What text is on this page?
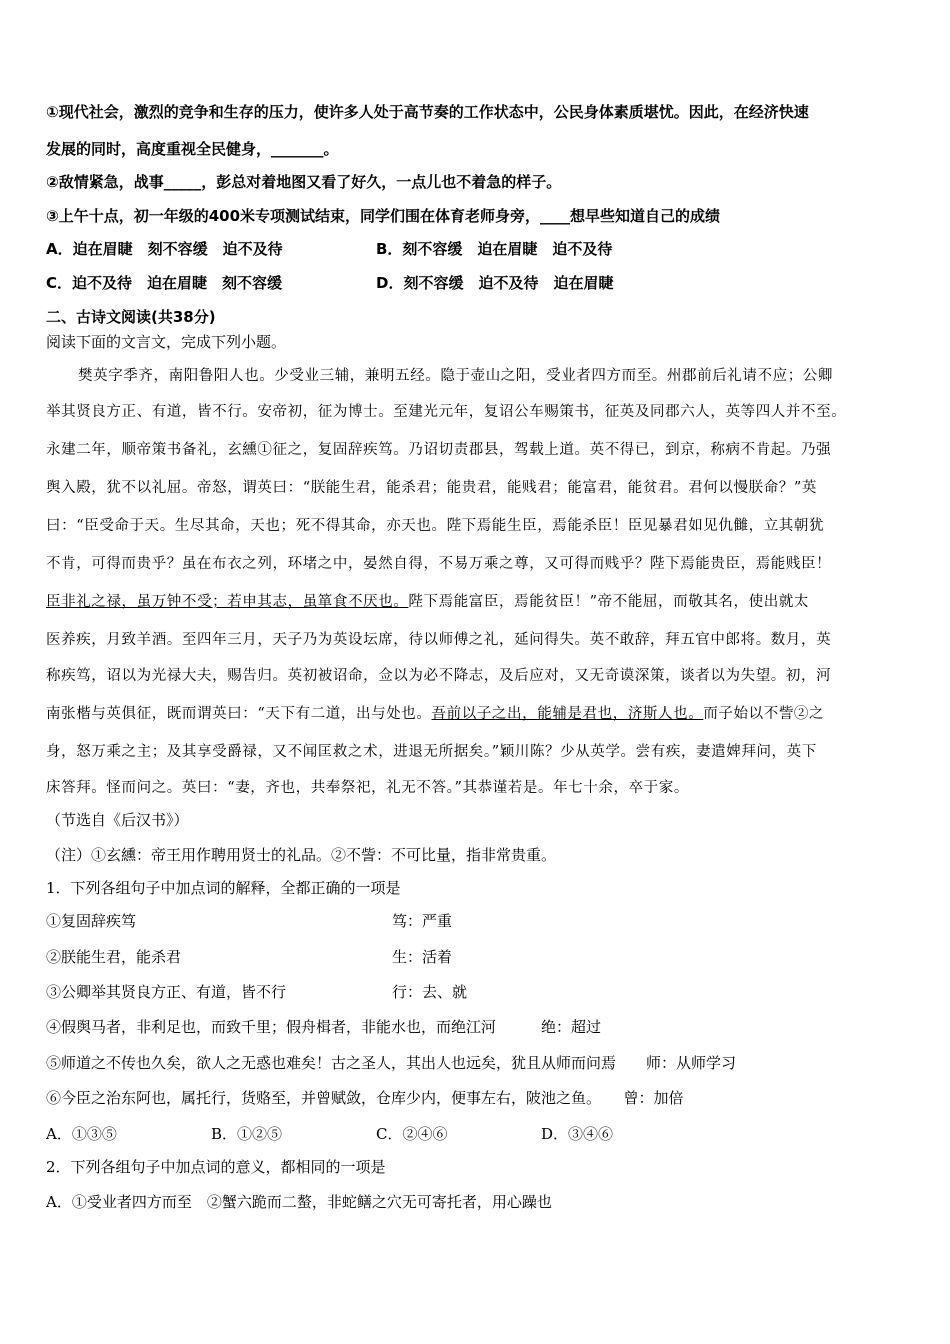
①现代社会，激烈的竞争和生存的压力，使许多人处于高节奏的工作状态中，公民身体素质堪忧。因此，在经济快速

发展的同时，高度重视全民健身，_______。

②敌情紧急，战事_____，彭总对着地图又看了好久，一点儿也不着急的样子。

③上午十点，初一年级的400米专项测试结束，同学们围在体育老师身旁，____想早些知道自己的成绩

A．迫在眉睫　刻不容缓　迫不及待	B．刻不容缓　迫在眉睫　迫不及待

C．迫不及待　迫在眉睫　刻不容缓	D．刻不容缓　迫不及待　迫在眉睫

二、古诗文阅读(共38分)

阅读下面的文言文，完成下列小题。

樊英字季齐，南阳鲁阳人也。少受业三辅，兼明五经。隐于壶山之阳，受业者四方而至。州郡前后礼请不应；公卿

举其贤良方正、有道，皆不行。安帝初，征为博士。至建光元年，复诏公车赐策书，征英及同郡六人，英等四人并不至。

永建二年，顺帝策书备礼，玄纁①征之，复固辞疾笃。乃诏切责郡县，驾载上道。英不得已，到京，称病不肯起。乃强

舆入殿，犹不以礼屈。帝怒，谓英曰：“朕能生君，能杀君；能贵君，能贱君；能富君，能贫君。君何以慢朕命？”英

曰：“臣受命于天。生尽其命，天也；死不得其命，亦天也。陛下焉能生臣，焉能杀臣！臣见暴君如见仇雠，立其朝犹

不肯，可得而贵乎？虽在布衣之列，环堵之中，晏然自得，不易万乘之尊，又可得而贱乎？陛下焉能贵臣，焉能贱臣！

臣非礼之禄，虽万钟不受；若申其志，虽箪食不厌也。陛下焉能富臣，焉能贫臣！”帝不能屈，而敬其名，使出就太

医养疾，月致羊酒。至四年三月，天子乃为英设坛席，待以师傅之礼，延问得失。英不敢辞，拜五官中郎将。数月，英

称疾笃，诏以为光禄大夫，赐告归。英初被诏命，佥以为必不降志，及后应对，又无奇谟深策，谈者以为失望。初，河

南张楷与英俱征，既而谓英曰：“天下有二道，出与处也。吾前以子之出，能辅是君也，济斯人也。而子始以不訾②之

身，怒万乘之主；及其享受爵禄，又不闻匡救之术，进退无所据矣。”颖川陈？少从英学。尝有疾，妻遣婢拜问，英下

床答拜。怪而问之。英曰：“妻，齐也，共奉祭祀，礼无不答。”其恭谨若是。年七十余，卒于家。

（节选自《后汉书》）

（注）①玄纁：帝王用作聘用贤士的礼品。②不訾：不可比量，指非常贵重。

1．下列各组句子中加点词的解释，全都正确的一项是

①复固辞疾笃	笃：严重

②朕能生君，能杀君	生：活着

③公卿举其贤良方正、有道，皆不行	行：去、就

④假舆马者，非利足也，而致千里；假舟楫者，非能水也，而绝江河　　　绝：超过

⑤师道之不传也久矣，欲人之无惑也难矣！古之圣人，其出人也远矣，犹且从师而问焉　　师：从师学习

⑥今臣之治东阿也，属托行，货赂至，并曾赋敛，仓库少内，便事左右，陂池之鱼。　　曾：加倍

A．①③⑤	B．①②⑤	C．②④⑥	D．③④⑥

2．下列各组句子中加点词的意义，都相同的一项是

A．①受业者四方而至　②蟹六跪而二螯，非蛇鳝之穴无可寄托者，用心躁也
